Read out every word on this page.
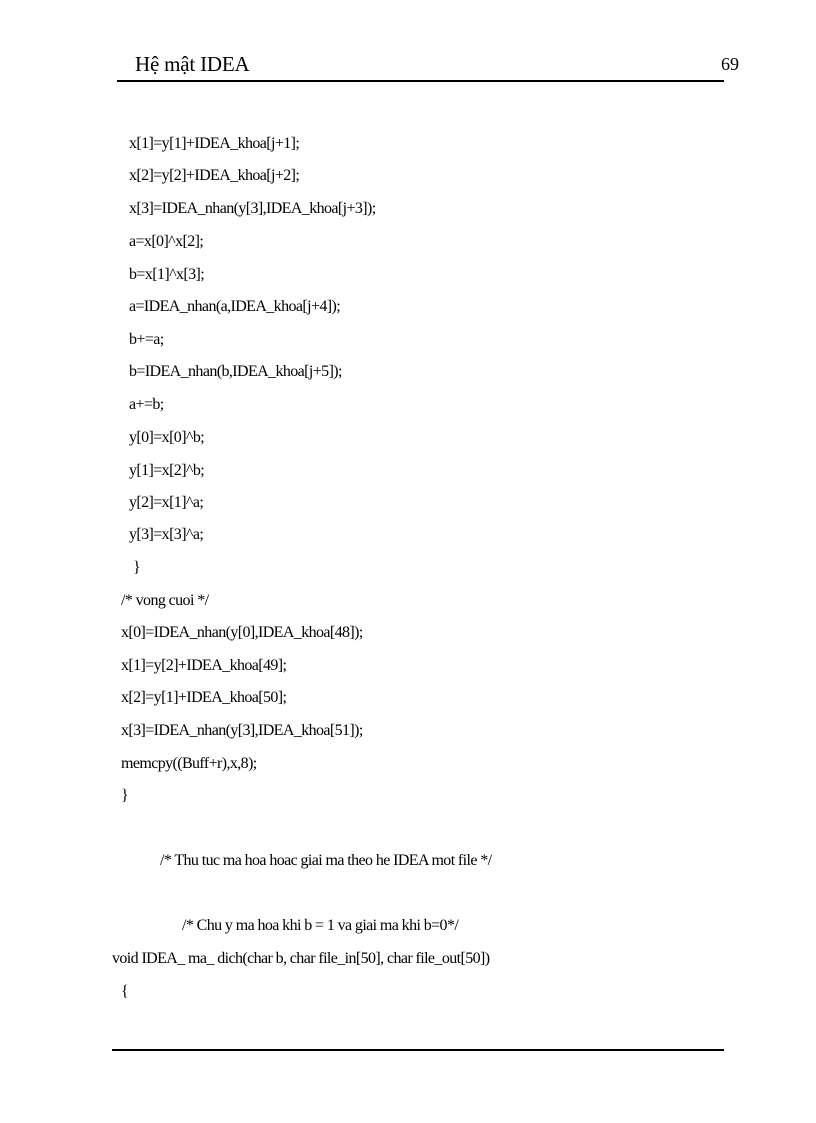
Hệ mật IDEA	69
x[1]=y[1]+IDEA_khoa[j+1];
x[2]=y[2]+IDEA_khoa[j+2];
x[3]=IDEA_nhan(y[3],IDEA_khoa[j+3]);
a=x[0]^x[2];
b=x[1]^x[3];
a=IDEA_nhan(a,IDEA_khoa[j+4]);
b+=a;
b=IDEA_nhan(b,IDEA_khoa[j+5]);
a+=b;
y[0]=x[0]^b;
y[1]=x[2]^b;
y[2]=x[1]^a;
y[3]=x[3]^a;
}
/* vong cuoi */
x[0]=IDEA_nhan(y[0],IDEA_khoa[48]);
x[1]=y[2]+IDEA_khoa[49];
x[2]=y[1]+IDEA_khoa[50];
x[3]=IDEA_nhan(y[3],IDEA_khoa[51]);
memcpy((Buff+r),x,8);
}
/* Thu tuc ma hoa hoac giai ma theo he IDEA mot file */
/* Chu y ma hoa khi b = 1 va giai ma khi b=0*/
void IDEA_ ma_ dich(char b, char file_in[50], char file_out[50])
{
